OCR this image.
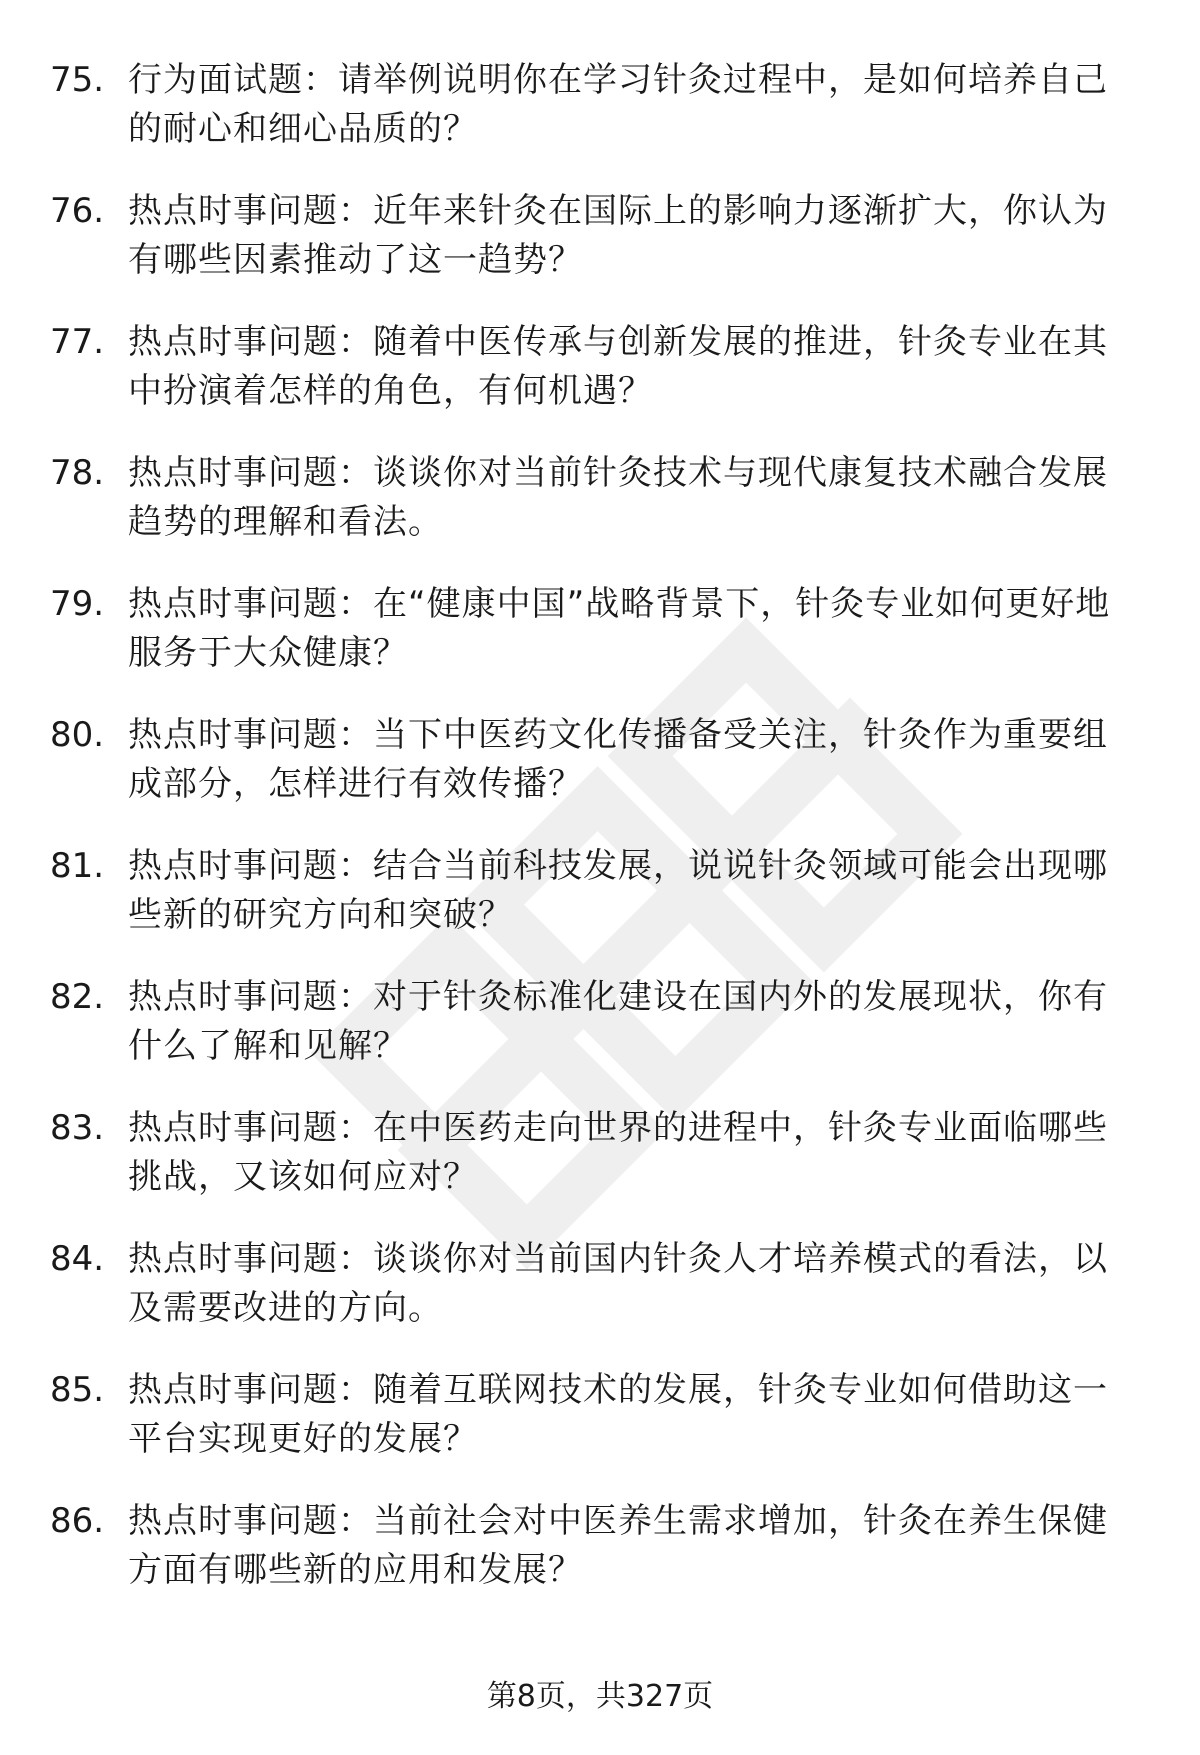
75. 行为面试题：请举例说明你在学习针灸过程中，是如何培养自己的耐心和细心品质的？
76. 热点时事问题：近年来针灸在国际上的影响力逐渐扩大，你认为有哪些因素推动了这一趋势？
77. 热点时事问题：随着中医传承与创新发展的推进，针灸专业在其中扮演着怎样的角色，有何机遇？
78. 热点时事问题：谈谈你对当前针灸技术与现代康复技术融合发展趋势的理解和看法。
79. 热点时事问题：在“健康中国”战略背景下，针灸专业如何更好地服务于大众健康？
80. 热点时事问题：当下中医药文化传播备受关注，针灸作为重要组成部分，怎样进行有效传播？
81. 热点时事问题：结合当前科技发展，说说针灸领域可能会出现哪些新的研究方向和突破？
82. 热点时事问题：对于针灸标准化建设在国内外的发展现状，你有什么了解和见解？
83. 热点时事问题：在中医药走向世界的进程中，针灸专业面临哪些挑战，又该如何应对？
84. 热点时事问题：谈谈你对当前国内针灸人才培养模式的看法，以及需要改进的方向。
85. 热点时事问题：随着互联网技术的发展，针灸专业如何借助这一平台实现更好的发展？
86. 热点时事问题：当前社会对中医养生需求增加，针灸在养生保健方面有哪些新的应用和发展？
第8页，共327页
